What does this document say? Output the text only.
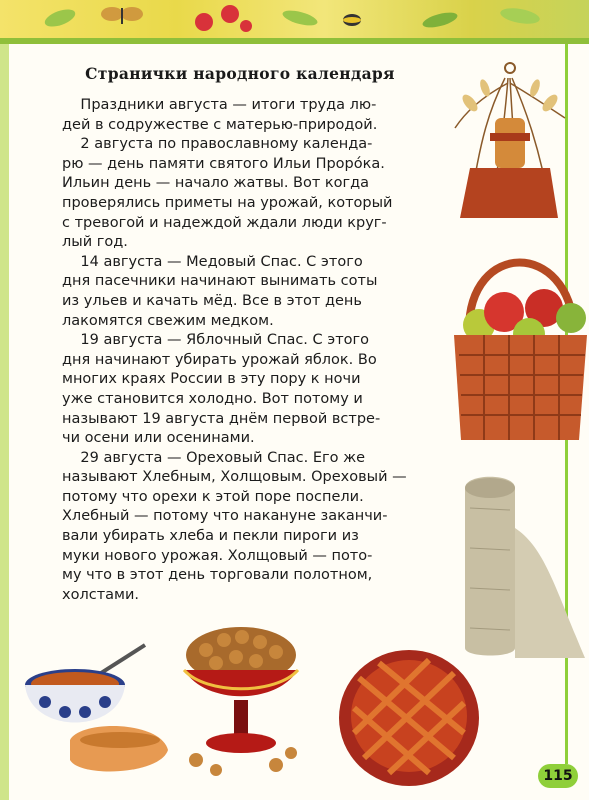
Странички народного календаря

Праздники августа — итоги труда лю-

дей в содружестве с матерью-природой.

2 августа по православному календа-

рю — день памяти святого Ильи Проро́ка.

Ильин день — начало жатвы. Вот когда

проверялись приметы на урожай, который

с тревогой и надеждой ждали люди круг-

лый год.

14 августа — Медовый Спас. С этого

дня пасечники начинают вынимать соты

из ульев и качать мёд. Все в этот день

лакомятся свежим медком.

19 августа — Яблочный Спас. С этого

дня начинают убирать урожай яблок. Во

многих краях России в эту пору к ночи

уже становится холодно. Вот потому и

называют 19 августа днём первой встре-

чи осени или осенинами.

29 августа — Ореховый Спас. Его же

называют Хлебным, Холщовым. Ореховый —

потому что орехи к этой поре поспели.

Хлебный — потому что накануне заканчи-

вали убирать хлеба и пекли пироги из

муки нового урожая. Холщовый — пото-

му что в этот день торговали полотном,

холстами.

115
